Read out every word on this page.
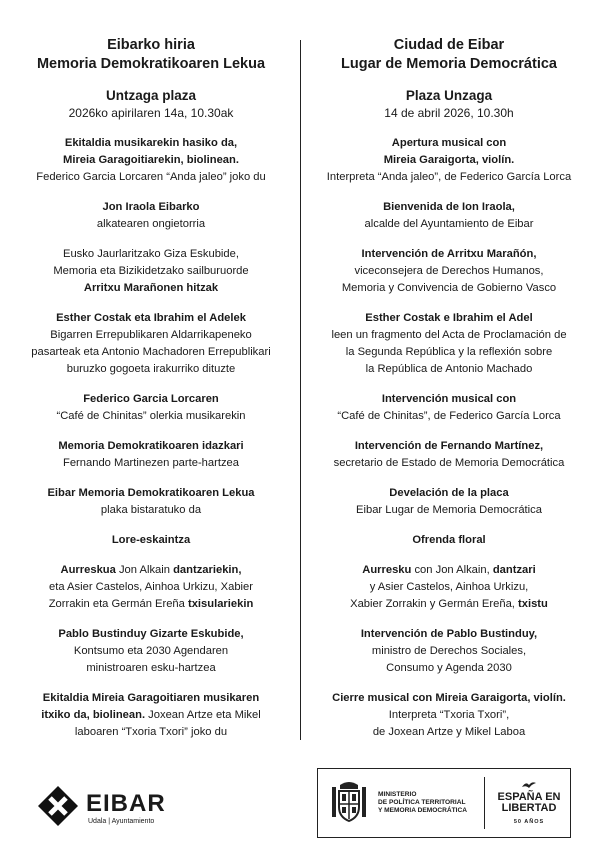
Eibarko hiria
Memoria Demokratikoaren Lekua
Untzaga plaza
2026ko apirilaren 14a, 10.30ak
Ekitaldia musikarekin hasiko da,
Mireia Garagoitiarekin, biolinean.
Federico Garcia Lorcaren “Anda jaleo” joko du
Jon Iraola Eibarko
alkatearen ongietorria
Eusko Jaurlaritzako Giza Eskubide,
Memoria eta Bizikidetzako sailburuorde
Arritxu Marañonen hitzak
Esther Costak eta Ibrahim el Adelek
Bigarren Errepublikaren Aldarrikapeneko
pasarteak eta Antonio Machadoren Errepublikari
buruzko gogoeta irakurriko dituzte
Federico Garcia Lorcaren
“Café de Chinitas” olerkia musikarekin
Memoria Demokratikoaren idazkari
Fernando Martinezen parte-hartzea
Eibar Memoria Demokratikoaren Lekua
plaka bistaratuko da
Lore-eskaintza
Aurreskua Jon Alkain dantzariekin,
eta Asier Castelos, Ainhoa Urkizu, Xabier
Zorrakin eta Germán Ereña txisulariekin
Pablo Bustinduy Gizarte Eskubide,
Kontsumo eta 2030 Agendaren
ministroaren esku-hartzea
Ekitaldia Mireia Garagoitiaren musikaren
itxiko da, biolinean. Joxean Artze eta Mikel
laboaren “Txoria Txori” joko du
Ciudad de Eibar
Lugar de Memoria Democrática
Plaza Unzaga
14 de abril 2026, 10.30h
Apertura musical con
Mireia Garaigorta, violín.
Interpreta “Anda jaleo”, de Federico García Lorca
Bienvenida de Ion Iraola,
alcalde del Ayuntamiento de Eibar
Intervención de Arritxu Marañón,
viceconsejera de Derechos Humanos,
Memoria y Convivencia de Gobierno Vasco
Esther Costak e Ibrahim el Adel
leen un fragmento del Acta de Proclamación de
la Segunda República y la reflexión sobre
la República de Antonio Machado
Intervención musical con
“Café de Chinitas”, de Federico García Lorca
Intervención de Fernando Martínez,
secretario de Estado de Memoria Democrática
Develación de la placa
Eibar Lugar de Memoria Democrática
Ofrenda floral
Aurresku con Jon Alkain, dantzari
y Asier Castelos, Ainhoa Urkizu,
Xabier Zorrakin y Germán Ereña, txistu
Intervención de Pablo Bustinduy,
ministro de Derechos Sociales,
Consumo y Agenda 2030
Cierre musical con Mireia Garaigorta, violín.
Interpreta “Txoria Txori”,
de Joxean Artze y Mikel Laboa
EIBAR
Udala | Ayuntamiento
MINISTERIO
DE POLÍTICA TERRITORIAL
Y MEMORIA DEMOCRÁTICA
ESPAÑA EN
LIBERTAD
50 AÑOS
